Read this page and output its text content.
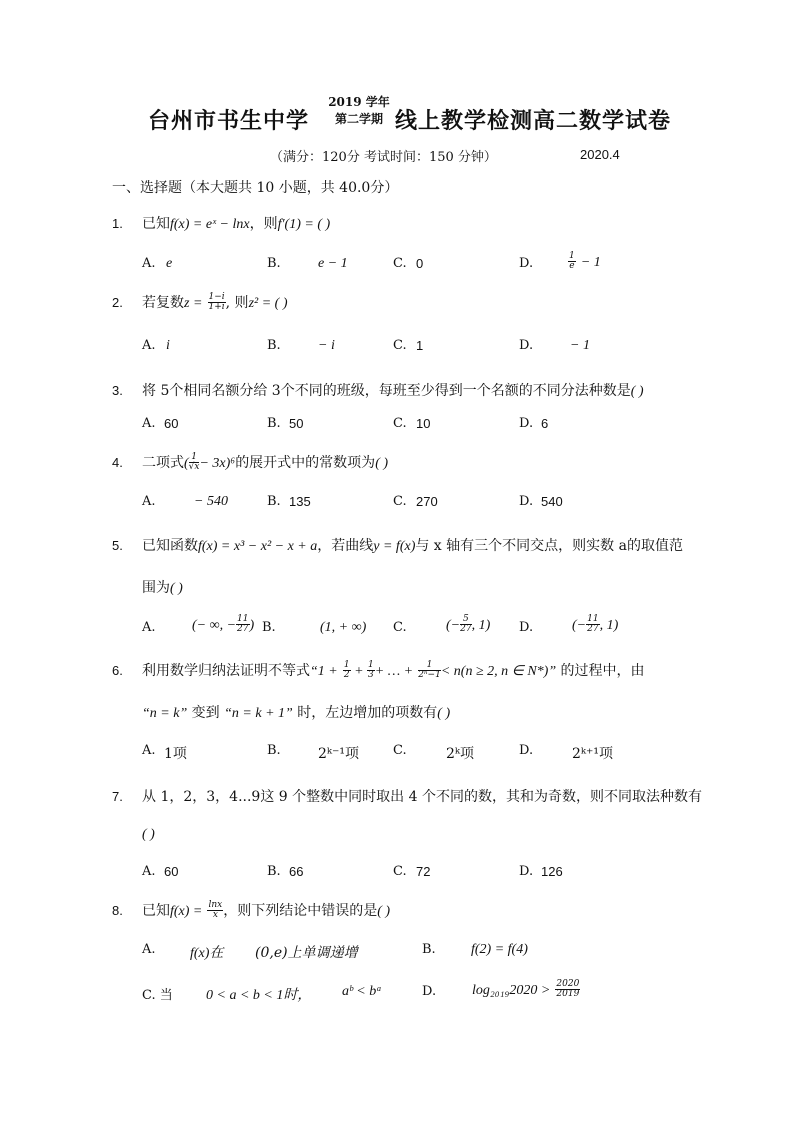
台州市书生中学
2019 学年
第二学期 线上教学检测高二数学试卷
（满分：120分 考试时间：150 分钟）	2020.4
一、选择题（本大题共 10 小题，共 40.0分）
1. 已知f(x) = eˣ − lnx，则f′(1) = ( )
A. e	B.	e − 1	C. 0	D.	$\frac{1}{e} - 1$
2. 若复数$z = \frac{1-i}{1+i}$ , 则z² = ( )
A. i	B.	− i	C. 1	D.	− 1
3. 将 5个相同名额分给 3个不同的班级，每班至少得到一个名额的不同分法种数是( )
A. 60	B. 50	C. 10	D. 6
4. 二项式( $\frac{1}{√x} - 3x)^6$的展开式中的常数项为( )
A.	− 540	B. 135	C. 270	D. 540
5. 已知函数f(x) = x³ − x² − x + a，若曲线y = f(x)与 x 轴有三个不同交点，则实数 a的取值范
围为( )
A.	(− ∞, − $\frac{11}{27}$ ) B.	(1, + ∞) C.	(− $\frac{5}{27}$ , 1) D.	(− $\frac{11}{27}$ , 1)
6. 利用数学归纳法证明不等式“$1 + \frac{1}{2} + \frac{1}{3}$ + … + $\frac{1}{\text{2ⁿ−1}} < n(n \ge 2$, n ∈ N*)” 的过程中，由
“n = k” 变到 “n = k + 1” 时，左边增加的项数有( )
A. 1项	B.	2ᵏ⁻¹项	C.	2ᵏ项	D.	2ᵏ⁺¹项
7. 从 1，2，3，4...9这 9 个整数中同时取出 4 个不同的数，其和为奇数，则不同取法种数有
( )
A. 60	B. 66	C. 72	D. 126
8. 已知$f(x) = \frac{\ln x}{x}$ ，则下列结论中错误的是( )
A. f(x)在 (0,e)上单调递增	B.	f(2) = f(4)
C. 当 0 < a < b < 1时， aᵇ < bᵃ	D.	$\log_{2019}2020 > \frac{2020}{2019}$
